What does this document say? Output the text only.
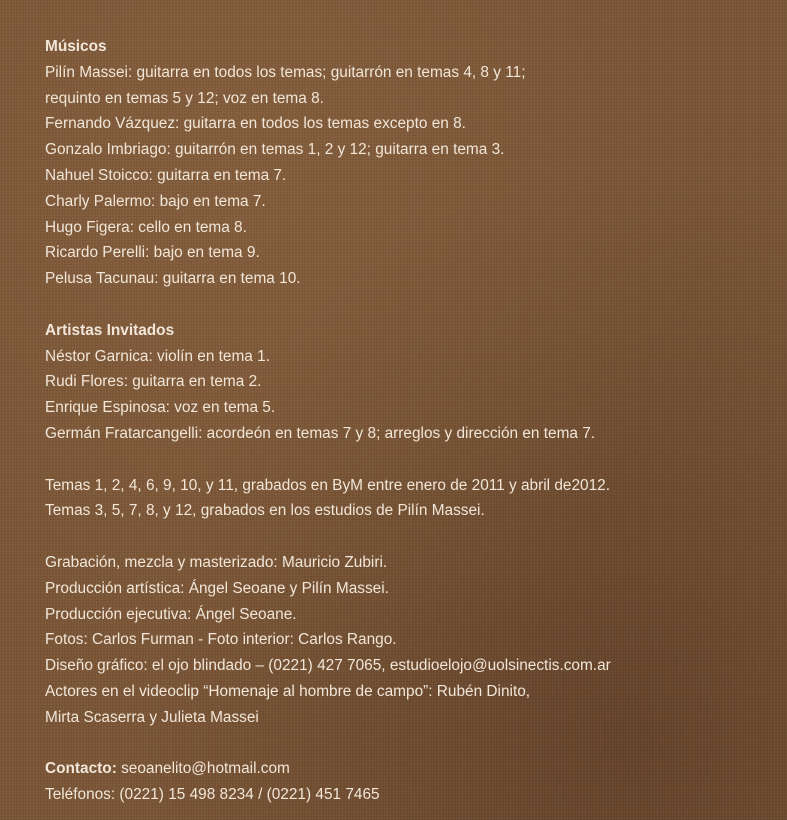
Músicos
Pilín Massei: guitarra en todos los temas; guitarrón en temas 4, 8 y 11;
requinto en temas 5 y 12; voz en tema 8.
Fernando Vázquez: guitarra en todos los temas excepto en 8.
Gonzalo Imbriago: guitarrón en temas 1, 2 y 12; guitarra en tema 3.
Nahuel Stoicco: guitarra en tema 7.
Charly Palermo: bajo en tema 7.
Hugo Figera: cello en tema 8.
Ricardo Perelli: bajo en tema 9.
Pelusa Tacunau: guitarra en tema 10.
Artistas Invitados
Néstor Garnica: violín en tema 1.
Rudi Flores: guitarra en tema 2.
Enrique Espinosa: voz en tema 5.
Germán Fratarcangelli: acordeón en temas 7 y 8; arreglos y dirección en tema 7.
Temas 1, 2, 4, 6, 9, 10, y 11, grabados en ByM entre enero de 2011 y abril de2012.
Temas 3, 5, 7, 8, y 12, grabados en los estudios de Pilín Massei.
Grabación, mezcla y masterizado: Mauricio Zubiri.
Producción artística: Ángel Seoane y Pilín Massei.
Producción ejecutiva: Ángel Seoane.
Fotos: Carlos Furman - Foto interior: Carlos Rango.
Diseño gráfico: el ojo blindado – (0221) 427 7065, estudioelojo@uolsinectis.com.ar
Actores en el videoclip “Homenaje al hombre de campo”: Rubén Dinito,
Mirta Scaserra y Julieta Massei
Contacto: seoanelito@hotmail.com
Teléfonos: (0221) 15 498 8234 / (0221) 451 7465
